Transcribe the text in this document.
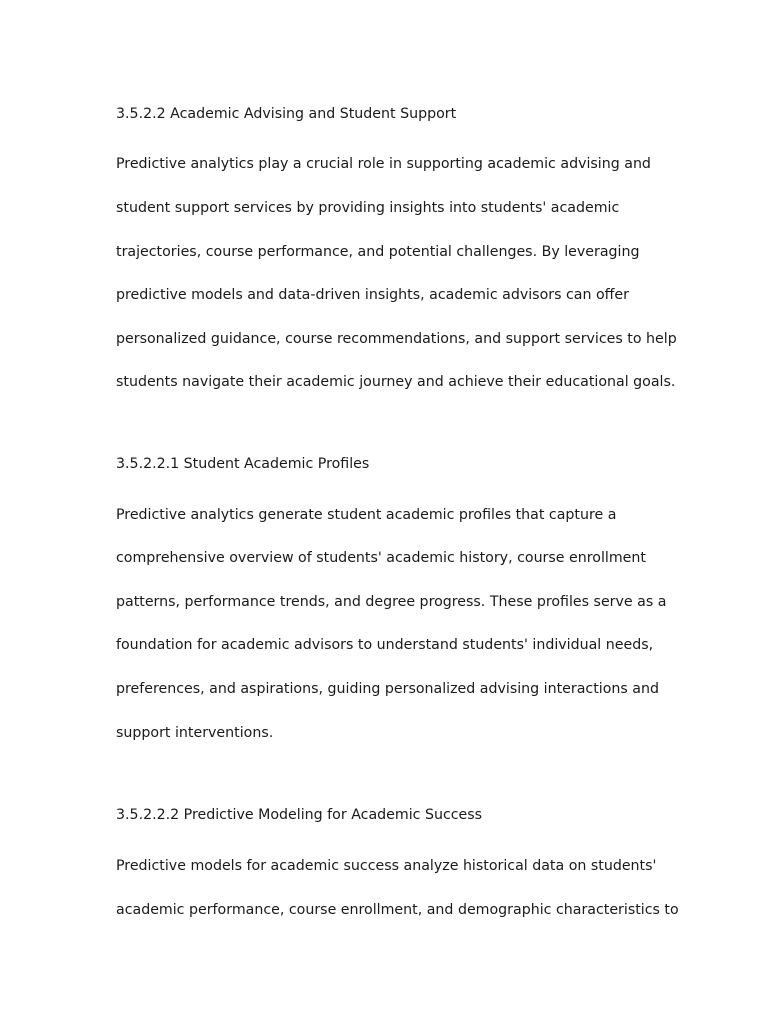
3.5.2.2 Academic Advising and Student Support

Predictive analytics play a crucial role in supporting academic advising and

student support services by providing insights into students' academic

trajectories, course performance, and potential challenges. By leveraging

predictive models and data-driven insights, academic advisors can offer

personalized guidance, course recommendations, and support services to help

students navigate their academic journey and achieve their educational goals.

3.5.2.2.1 Student Academic Profiles

Predictive analytics generate student academic profiles that capture a

comprehensive overview of students' academic history, course enrollment

patterns, performance trends, and degree progress. These profiles serve as a

foundation for academic advisors to understand students' individual needs,

preferences, and aspirations, guiding personalized advising interactions and

support interventions.

3.5.2.2.2 Predictive Modeling for Academic Success

Predictive models for academic success analyze historical data on students'

academic performance, course enrollment, and demographic characteristics to
